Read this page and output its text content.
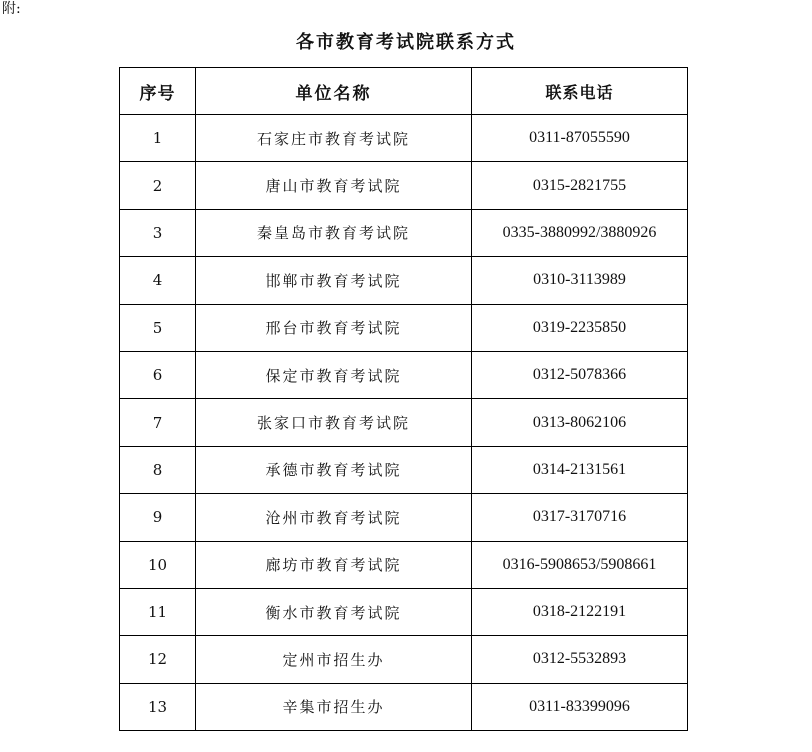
附:
各市教育考试院联系方式
序号	单位名称	联系电话
1	石家庄市教育考试院	0311-87055590
2	唐山市教育考试院	0315-2821755
3	秦皇岛市教育考试院	0335-3880992/3880926
4	邯郸市教育考试院	0310-3113989
5	邢台市教育考试院	0319-2235850
6	保定市教育考试院	0312-5078366
7	张家口市教育考试院	0313-8062106
8	承德市教育考试院	0314-2131561
9	沧州市教育考试院	0317-3170716
10	廊坊市教育考试院	0316-5908653/5908661
11	衡水市教育考试院	0318-2122191
12	定州市招生办	0312-5532893
13	辛集市招生办	0311-83399096
